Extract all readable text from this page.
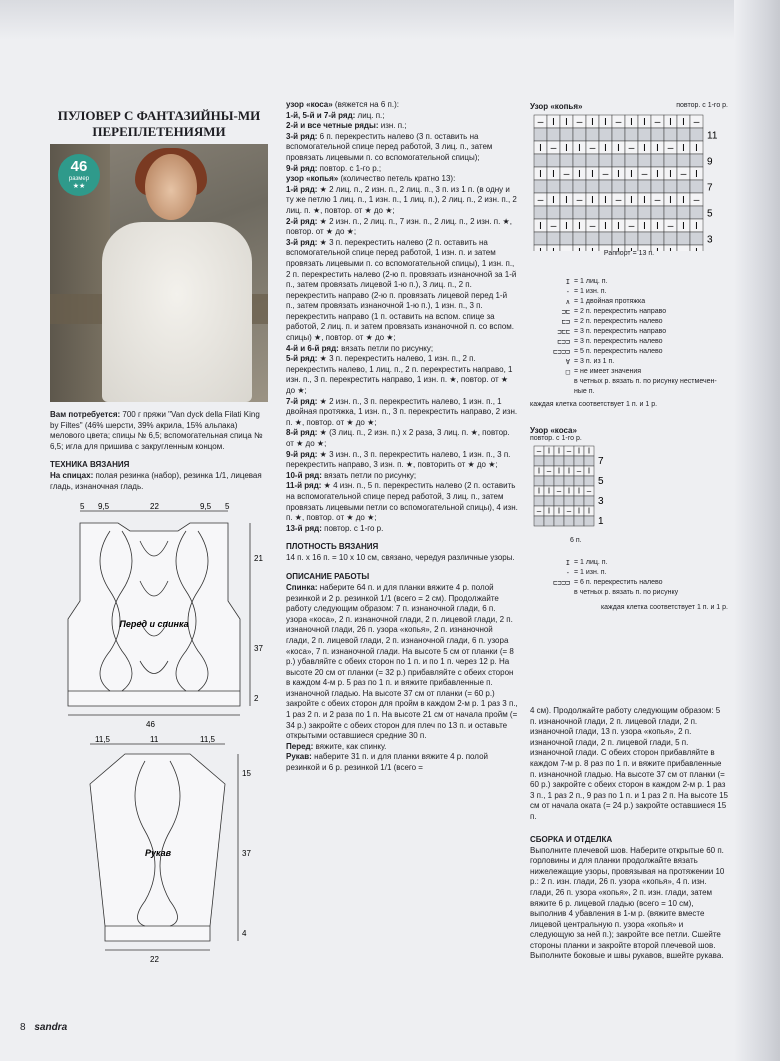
ПУЛОВЕР С ФАНТАЗИЙНЫ-МИ ПЕРЕПЛЕТЕНИЯМИ
46
размер
★★

Вам потребуется: 700 г пряжи "Van dyck della Filati King by Filtes" (46% шерсти, 39% акрила, 15% альпака) мелового цвета; спицы № 6,5; вспомогательная спица № 6,5; игла для пришива с закругленным концом.

ТЕХНИКА ВЯЗАНИЯ

На спицах: полая резинка (набор), резинка 1/1, лицевая гладь, изнаночная гладь.

5 9,5	22	9,5 5
21
37
2
46
Перед и спинка

11,5	11	11,5
15
37
4
22
Рукав

узор «коса» (вяжется на 6 п.):

1-й, 5-й и 7-й ряд: лиц. п.;

2-й и все четные ряды: изн. п.;

3-й ряд: 6 п. перекрестить налево (3 п. оставить на вспомогательной спице перед работой, 3 лиц. п., затем провязать лицевыми п. со вспомогательной спицы);

9-й ряд: повтор. с 1-го р.;

узор «копья» (количество петель кратно 13):

1-й ряд: ★ 2 лиц. п., 2 изн. п., 2 лиц. п., 3 п. из 1 п. (в одну и ту же петлю 1 лиц. п., 1 изн. п., 1 лиц. п.), 2 лиц. п., 2 изн. п., 2 лиц. п. ★, повтор. от ★ до ★;

2-й ряд: ★ 2 изн. п., 2 лиц. п., 7 изн. п., 2 лиц. п., 2 изн. п. ★, повтор. от ★ до ★;

3-й ряд: ★ 3 п. перекрестить налево (2 п. оставить на вспомогательной спице перед работой, 1 изн. п. и затем провязать лицевыми п. со вспомогательной спицы), 1 изн. п., 2 п. перекрестить налево (2-ю п. провязать изнаночной за 1-й п., затем провязать лицевой 1-ю п.), 3 лиц. п., 2 п. перекрестить направо (2-ю п. провязать лицевой перед 1-й п., затем провязать изнаночной 1-ю п.), 1 изн. п., 3 п. перекрестить направо (1 п. оставить на вспом. спице за работой, 2 лиц. п. и затем провязать изнаночной п. со вспом. спицы) ★, повтор. от ★ до ★;

4-й и 6-й ряд: вязать петли по рисунку;

5-й ряд: ★ 3 п. перекрестить налево, 1 изн. п., 2 п. перекрестить налево, 1 лиц. п., 2 п. перекрестить направо, 1 изн. п., 3 п. перекрестить направо, 1 изн. п. ★, повтор. от ★ до ★;

7-й ряд: ★ 2 изн. п., 3 п. перекрестить налево, 1 изн. п., 1 двойная протяжка, 1 изн. п., 3 п. перекрестить направо, 2 изн. п. ★, повтор. от ★ до ★;

8-й ряд: ★ (3 лиц. п., 2 изн. п.) x 2 раза, 3 лиц. п. ★, повтор. от ★ до ★;

9-й ряд: ★ 3 изн. п., 3 п. перекрестить налево, 1 изн. п., 3 п. перекрестить направо, 3 изн. п. ★, повторить от ★ до ★;

10-й ряд: вязать петли по рисунку;

11-й ряд: ★ 4 изн. п., 5 п. перекрестить налево (2 п. оставить на вспомогательной спице перед работой, 3 лиц. п., затем провязать лицевыми петли со вспомогательной спицы), 4 изн. п. ★, повтор. от ★ до ★;

13-й ряд: повтор. с 1-го р.

ПЛОТНОСТЬ ВЯЗАНИЯ

14 п. х 16 п. = 10 х 10 см, связано, чередуя различные узоры.

ОПИСАНИЕ РАБОТЫ

Спинка: наберите 64 п. и для планки вяжите 4 р. полой резинкой и 2 р. резинкой 1/1 (всего = 2 см). Продолжайте работу следующим образом: 7 п. изнаночной глади, 6 п. узора «коса», 2 п. изнаночной глади, 2 п. лицевой глади, 2 п. изнаночной глади, 26 п. узора «копья», 2 п. изнаночной глади, 2 п. лицевой глади, 2 п. изнаночной глади, 6 п. узора «коса», 7 п. изнаночной глади. На высоте 5 см от планки (= 8 р.) убавляйте с обеих сторон по 1 п. и по 1 п. через 12 р. На высоте 20 см от планки (= 32 р.) прибавляйте с обеих сторон в каждом 4-м р. 5 раз по 1 п. и вяжите прибавленные п. изнаночной гладью. На высоте 37 см от планки (= 60 р.) закройте с обеих сторон для пройм в каждом 2-м р. 1 раз 3 п., 1 раз 2 п. и 2 раза по 1 п. На высоте 21 см от начала пройм (= 34 р.) закройте с обеих сторон для плеч по 13 п. и оставьте открытыми оставшиеся средние 30 п.

Перед: вяжите, как спинку.

Рукав: наберите 31 п. и для планки вяжите 4 р. полой резинкой и 6 р. резинкой 1/1 (всего =

Узор «копья»	повтор. с 1-го р.
– I I – I I – I I – I I –
I – I I – I I – I I – I I
I I – I I – I I – I I – I
– I I – I I – I I – I I –
I – I I – I I – I I – I I
11
9
7
5
3
Раппорт = 13 п.
I = 1 лиц. п.
- = 1 изн. п.
∧ = 1 двойная протяжка
⊐⊏ = 2 п. перекрестить направо
⊏⊐ = 2 п. перекрестить налево
⊐⊏⊏ = 3 п. перекрестить направо
⊏⊐⊐ = 3 п. перекрестить налево
⊏⊐⊐⊐ = 5 п. перекрестить налево
∀ = 3 п. из 1 п.
□ = не имеет значения
в четных р. вязать п. по рисунку нестмечен-
ные п.
каждая клетка соответствует 1 п. и 1 р.
Узор «коса»
повтор. с 1-го р.
– I I – I I
I – I I – I
I I – I I –
– I I – I I
7
5
3
1
6 п.
I = 1 лиц. п.
- = 1 изн. п.
⊏⊐⊐⊐ = 6 п. перекрестить налево
в четных р. вязать п. по рисунку
каждая клетка соответствует 1 п. и 1 р.

4 см). Продолжайте работу следующим образом: 5 п. изнаночной глади, 2 п. лицевой глади, 2 п. изнаночной глади, 13 п. узора «копья», 2 п. изнаночной глади, 2 п. лицевой глади, 5 п. изнаночной глади. С обеих сторон прибавляйте в каждом 7-м р. 8 раз по 1 п. и вяжите прибавленные п. изнаночной гладью. На высоте 37 см от планки (= 60 р.) закройте с обеих сторон в каждом 2-м р. 1 раз 3 п., 1 раз 2 п., 9 раз по 1 п. и 1 раз 2 п. На высоте 15 см от начала оката (= 24 р.) закройте оставшиеся 15 п.

СБОРКА И ОТДЕЛКА

Выполните плечевой шов. Наберите открытые 60 п. горловины и для планки продолжайте вязать нижележащие узоры, провязывая на протяжении 10 р.: 2 п. изн. глади, 26 п. узора «копья», 4 п. изн. глади, 26 п. узора «копья», 2 п. изн. глади, затем вяжите 6 р. лицевой гладью (всего = 10 см), выполнив 4 убавления в 1-м р. (вяжите вместе лицевой центральную п. узора «копья» и следующую за ней п.); закройте все петли. Сшейте стороны планки и закройте второй плечевой шов. Выполните боковые и швы рукавов, вшейте рукава.

8 sandra
